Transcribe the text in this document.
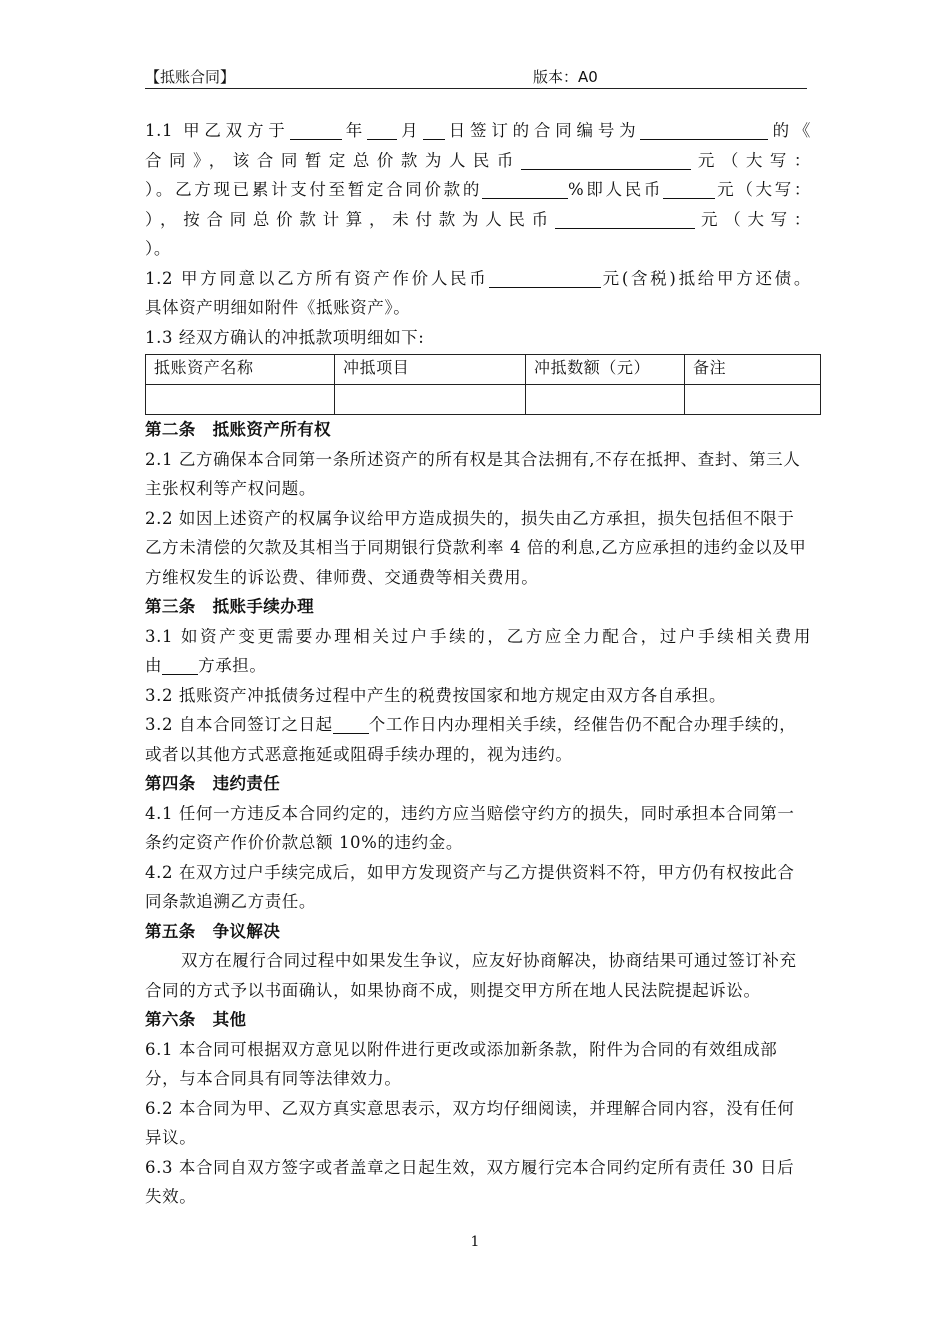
【抵账合同】	版本：A0

1.1 甲乙双方于	年 月 日签订的合同编号为	的《

合同》，该合同暂定总价款为人民币	元（大写：

）。乙方现已累计支付至暂定合同价款的	%即人民币	元（大写：

），按合同总价款计算，未付款为人民币	元（大写：

）。

1.2 甲方同意以乙方所有资产作价人民币	元(含税)抵给甲方还债。

具体资产明细如附件《抵账资产》。

1.3 经双方确认的冲抵款项明细如下:

抵账资产名称	冲抵项目	冲抵数额（元）	备注

第二条　抵账资产所有权

2.1 乙方确保本合同第一条所述资产的所有权是其合法拥有,不存在抵押、查封、第三人主张权利等产权问题。

2.2 如因上述资产的权属争议给甲方造成损失的，损失由乙方承担，损失包括但不限于乙方未清偿的欠款及其相当于同期银行贷款利率 4 倍的利息,乙方应承担的违约金以及甲方维权发生的诉讼费、律师费、交通费等相关费用。

第三条　抵账手续办理

3.1 如资产变更需要办理相关过户手续的，乙方应全力配合，过户手续相关费用

由 方承担。

3.2 抵账资产冲抵债务过程中产生的税费按国家和地方规定由双方各自承担。

3.2 自本合同签订之日起 个工作日内办理相关手续，经催告仍不配合办理手续的，或者以其他方式恶意拖延或阻碍手续办理的，视为违约。

第四条　违约责任

4.1 任何一方违反本合同约定的，违约方应当赔偿守约方的损失，同时承担本合同第一条约定资产作价价款总额 10%的违约金。

4.2 在双方过户手续完成后，如甲方发现资产与乙方提供资料不符，甲方仍有权按此合同条款追溯乙方责任。

第五条　争议解决

双方在履行合同过程中如果发生争议，应友好协商解决，协商结果可通过签订补充合同的方式予以书面确认，如果协商不成，则提交甲方所在地人民法院提起诉讼。

第六条　其他

6.1 本合同可根据双方意见以附件进行更改或添加新条款，附件为合同的有效组成部分，与本合同具有同等法律效力。

6.2 本合同为甲、乙双方真实意思表示，双方均仔细阅读，并理解合同内容，没有任何异议。

6.3 本合同自双方签字或者盖章之日起生效，双方履行完本合同约定所有责任 30 日后失效。

1
